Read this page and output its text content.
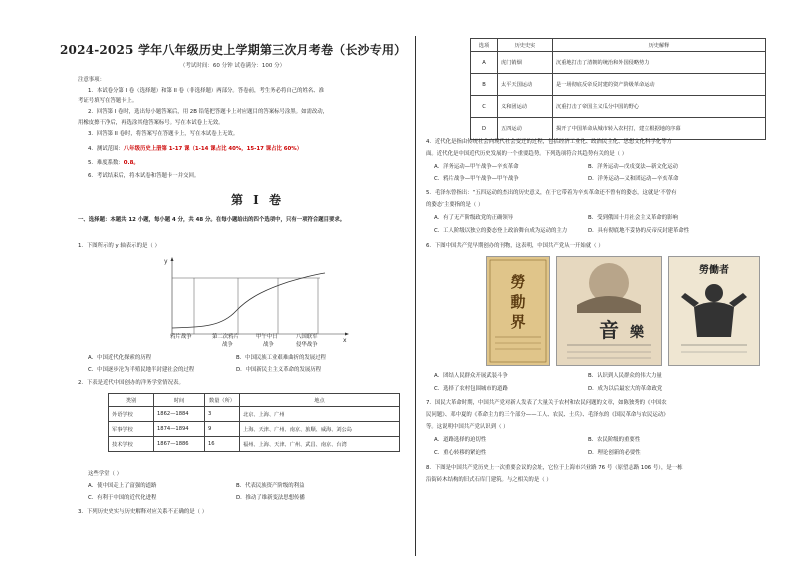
2024-2025 学年八年级历史上学期第三次月考卷（长沙专用）
（考试时间：60 分钟 试卷满分：100 分）
注意事项：
1．本试卷分第 I 卷（选择题）和第 II 卷（非选择题）两部分。答卷前，考生务必将自己的姓名、准
考证号填写在答题卡上。
2．回答第 I 卷时，选出每小题答案后，用 2B 铅笔把答题卡上对应题目的答案标号涂黑。如需改动，
用橡皮擦干净后，再选涂其他答案标号。写在本试卷上无效。
3．回答第 II 卷时，将答案写在答题卡上，写在本试卷上无效。
4．测试范围：八年级历史上册第 1-17 课（1-14 课占比 40%，15-17 课占比 60%）
5．难度系数：0.8。
6．考试结束后，将本试卷和答题卡一并交回。
第 I 卷
一、选择题：本题共 12 小题，每小题 4 分，共 48 分。在每小题给出的四个选项中，只有一项符合题目要求。
1．下图所示的 y 轴表示的是（ ）
y
x
鸦片战争	第二次鸦片
战争
甲午中日
战争
八国联军
侵华战争
A．中国近代化探索的历程	B．中国民族工业艰难曲折的发展过程
C．中国逐步沦为半殖民地半封建社会的过程	D．中国新民主主义革命的发展历程
2．下表是近代中国创办的洋务学堂情况表。
类别	时间	数量（所）	地点
外语学校	1862—1884	3	北京、上海、广州
军事学校	1874—1894	9	上海、天津、广州、南京、旅顺、威海、刘公岛
技术学校	1867—1886	16	福州、上海、天津、广州、武昌、南京、台湾
这些学堂（ ）
A．使中国走上了富强的道路	B．代表民族资产阶级的利益
C．有利于中国的近代化进程	D．推动了维新变法思想传播
3．下列历史史实与历史解释对应关系不正确的是（ ）
选项	历史史实	历史解释
A	虎门销烟	沉重地打击了清朝的统治和外国侵略势力
B	太平天国运动	是一场彻底反帝反封建的资产阶级革命运动
C	义和团运动	沉重打击了帝国主义瓜分中国的野心
D	五四运动	揭开了中国革命从城市转入农村打，建立根据地的序幕
4．近代化是指由传统社会向现代社会变迁的过程，包括经济工业化、政治民主化、思想文化科学化等方
面。近代化是中国近代历史发展的一个重要趋势。下列选项符合其趋势有关的是（ ）
A．洋务运动—甲午战争—辛亥革命	B．洋务运动—戊戌变法—新文化运动
C．鸦片战争—甲午战争—甲午战争	D．洋务运动—义和团运动—辛亥革命
5．毛泽东曾指出：“五四运动的杰出的历史意义，在于它带着为辛亥革命还不曾有的姿态，这就是‘不曾有
的姿态’主要指的是（ ）
A．有了无产阶级政党的正确领导	B．受到俄国十月社会主义革命的影响
C．工人阶级以独立的姿态登上政治舞台成为运动的主力	D．具有彻底地不妥协的反帝反封建革命性
6．下图中国共产党早期创办的刊物，这表明，中国共产党从一开始就（ ）
勞
動
界	音 樂
勞働者
A．团结人民群众开展武装斗争	B．认识到人民群众的伟大力量
C．选择了农村包围城市的道路	D．成为以后最宏大的革命政党
7．国民大革命时期，中国共产党对新人发表了大量关于农村和农民问题的文章，如陈独秀的《中国农
民问题》、邓中夏的《革命主力的三个部分——工人、农民、士兵》、毛泽东的《国民革命与农民运动》
等。这说明中国共产党认识到（ ）
A．道路选择的迫切性	B．农民阶级的重要性
C．重心转移的紧迫性	D．理论创新的必要性
8．下图是中国共产党历史上一次重要会议的会址，它位于上海市兴业路 76 号（原望志路 106 号），是一栋
沿街砖木结构的旧式石库门建筑。与之相关的是（ ）
